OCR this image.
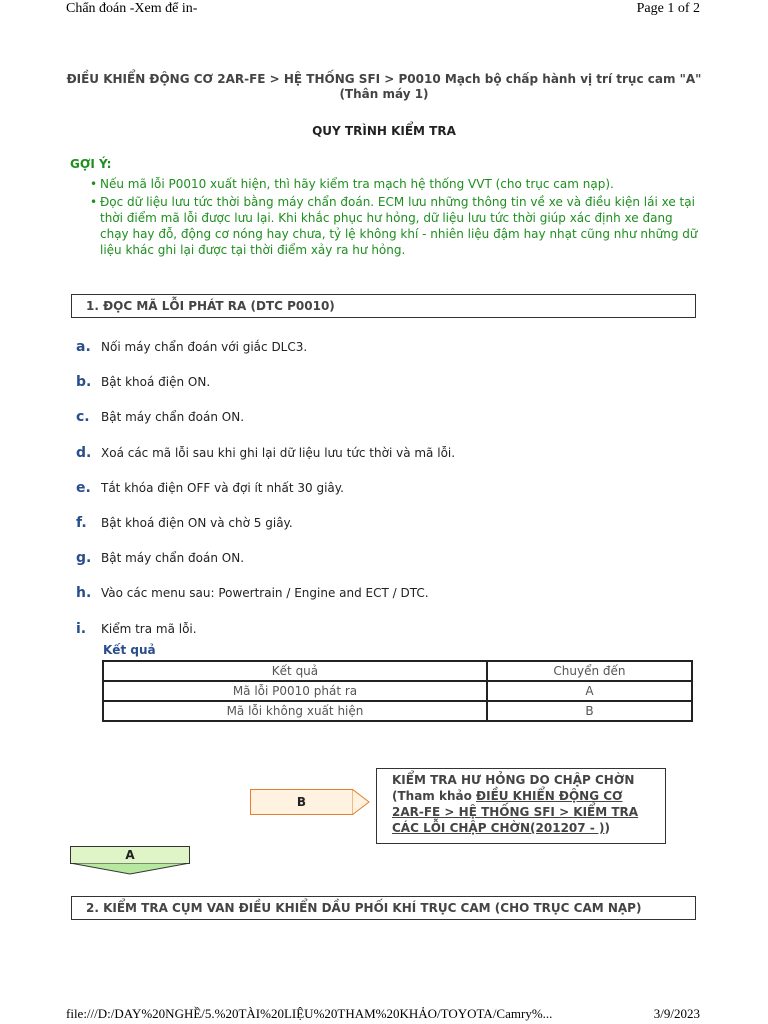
Chẩn đoán -Xem để in-	Page 1 of 2
ĐIỀU KHIỂN ĐỘNG CƠ 2AR-FE > HỆ THỐNG SFI > P0010 Mạch bộ chấp hành vị trí trục cam "A" (Thân máy 1)
QUY TRÌNH KIỂM TRA
GỢI Ý:
• Nếu mã lỗi P0010 xuất hiện, thì hãy kiểm tra mạch hệ thống VVT (cho trục cam nạp).
• Đọc dữ liệu lưu tức thời bằng máy chẩn đoán. ECM lưu những thông tin về xe và điều kiện lái xe tại thời điểm mã lỗi được lưu lại. Khi khắc phục hư hỏng, dữ liệu lưu tức thời giúp xác định xe đang chạy hay đỗ, động cơ nóng hay chưa, tỷ lệ không khí - nhiên liệu đậm hay nhạt cũng như những dữ liệu khác ghi lại được tại thời điểm xảy ra hư hỏng.
1. ĐỌC MÃ LỖI PHÁT RA (DTC P0010)
a. Nối máy chẩn đoán với giắc DLC3.
b. Bật khoá điện ON.
c. Bật máy chẩn đoán ON.
d. Xoá các mã lỗi sau khi ghi lại dữ liệu lưu tức thời và mã lỗi.
e. Tắt khóa điện OFF và đợi ít nhất 30 giây.
f. Bật khoá điện ON và chờ 5 giây.
g. Bật máy chẩn đoán ON.
h. Vào các menu sau: Powertrain / Engine and ECT / DTC.
i. Kiểm tra mã lỗi.
Kết quả
Kết quả	Chuyển đến
Mã lỗi P0010 phát ra	A
Mã lỗi không xuất hiện	B
B
KIỂM TRA HƯ HỎNG DO CHẬP CHỜN
(Tham khảo ĐIỀU KHIỂN ĐỘNG CƠ 2AR-FE > HỆ THỐNG SFI > KIỂM TRA CÁC LỖI CHẬP CHỜN(201207 - ))
A
2. KIỂM TRA CỤM VAN ĐIỀU KHIỂN DẦU PHỐI KHÍ TRỤC CAM (CHO TRỤC CAM NẠP)
file:///D:/DAY%20NGHỀ/5.%20TÀI%20LIỆU%20THAM%20KHẢO/TOYOTA/Camry%...	3/9/2023
